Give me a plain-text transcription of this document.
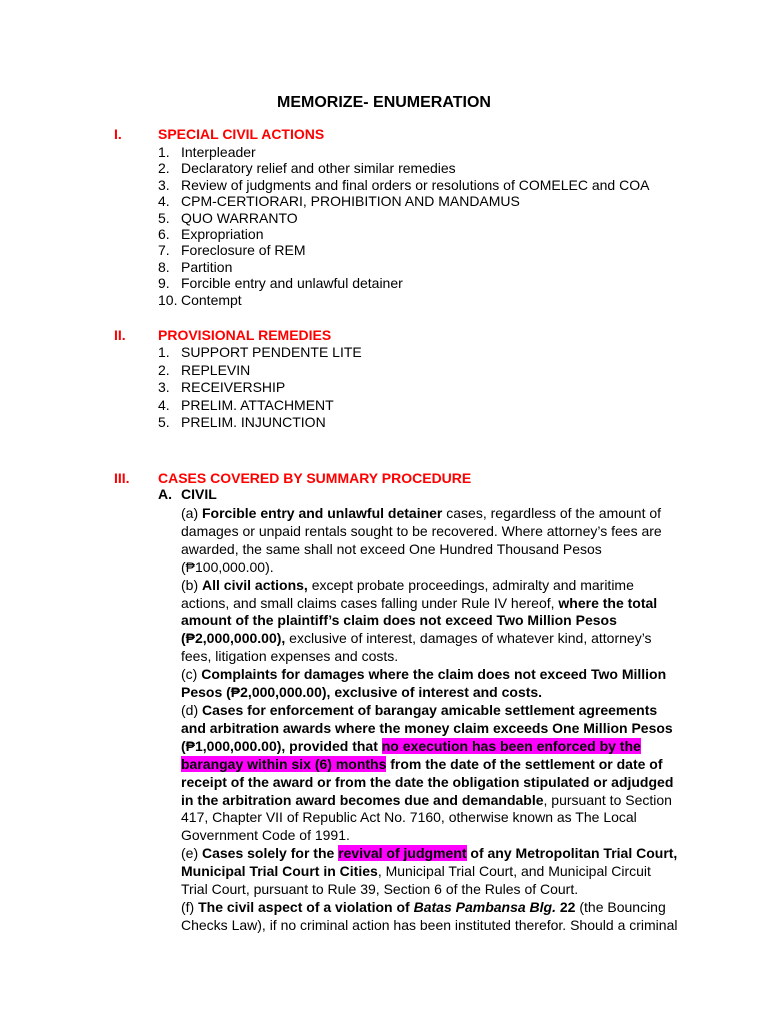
MEMORIZE- ENUMERATION
I.	SPECIAL CIVIL ACTIONS
1. Interpleader
2. Declaratory relief and other similar remedies
3. Review of judgments and final orders or resolutions of COMELEC and COA
4. CPM-CERTIORARI, PROHIBITION AND MANDAMUS
5. QUO WARRANTO
6. Expropriation
7. Foreclosure of REM
8. Partition
9. Forcible entry and unlawful detainer
10. Contempt
II. PROVISIONAL REMEDIES
1. SUPPORT PENDENTE LITE
2. REPLEVIN
3. RECEIVERSHIP
4. PRELIM. ATTACHMENT
5. PRELIM. INJUNCTION
III. CASES COVERED BY SUMMARY PROCEDURE
A. CIVIL

(a) Forcible entry and unlawful detainer cases, regardless of the amount of damages or unpaid rentals sought to be recovered. Where attorney’s fees are awarded, the same shall not exceed One Hundred Thousand Pesos (₱100,000.00).

(b) All civil actions, except probate proceedings, admiralty and maritime actions, and small claims cases falling under Rule IV hereof, where the total amount of the plaintiff’s claim does not exceed Two Million Pesos (₱2,000,000.00), exclusive of interest, damages of whatever kind, attorney’s fees, litigation expenses and costs.

(c) Complaints for damages where the claim does not exceed Two Million Pesos (₱2,000,000.00), exclusive of interest and costs.

(d) Cases for enforcement of barangay amicable settlement agreements and arbitration awards where the money claim exceeds One Million Pesos (₱1,000,000.00), provided that no execution has been enforced by the barangay within six (6) months from the date of the settlement or date of receipt of the award or from the date the obligation stipulated or adjudged in the arbitration award becomes due and demandable, pursuant to Section 417, Chapter VII of Republic Act No. 7160, otherwise known as The Local Government Code of 1991.

(e) Cases solely for the revival of judgment of any Metropolitan Trial Court, Municipal Trial Court in Cities, Municipal Trial Court, and Municipal Circuit Trial Court, pursuant to Rule 39, Section 6 of the Rules of Court.

(f) The civil aspect of a violation of Batas Pambansa Blg. 22 (the Bouncing Checks Law), if no criminal action has been instituted therefor. Should a criminal
